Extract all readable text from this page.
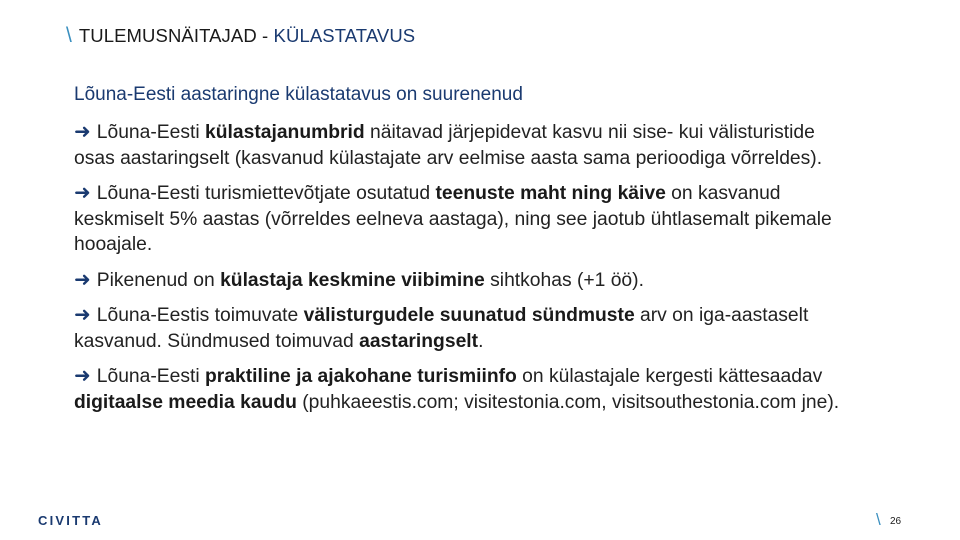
\ TULEMUSNÄITAJAD - KÜLASTATAVUS
Lõuna-Eesti aastaringne külastatavus on suurenenud
➜ Lõuna-Eesti külastajanumbrid näitavad järjepidevat kasvu nii sise- kui välisturistide osas aastaringselt (kasvanud külastajate arv eelmise aasta sama perioodiga võrreldes).
➜ Lõuna-Eesti turismiettevõtjate osutatud teenuste maht ning käive on kasvanud keskmiselt 5% aastas (võrreldes eelneva aastaga), ning see jaotub ühtlasemalt pikemale hooajale.
➜ Pikenenud on külastaja keskmine viibimine sihtkohas (+1 öö).
➜ Lõuna-Eestis toimuvate välisturgudele suunatud sündmuste arv on iga-aastaselt kasvanud. Sündmused toimuvad aastaringselt.
➜ Lõuna-Eesti praktiline ja ajakohane turismiinfo on külastajale kergesti kättesaadav digitaalse meedia kaudu (puhkaeestis.com; visitestonia.com, visitsouthestonia.com jne).
CIVITTA	\ 26
